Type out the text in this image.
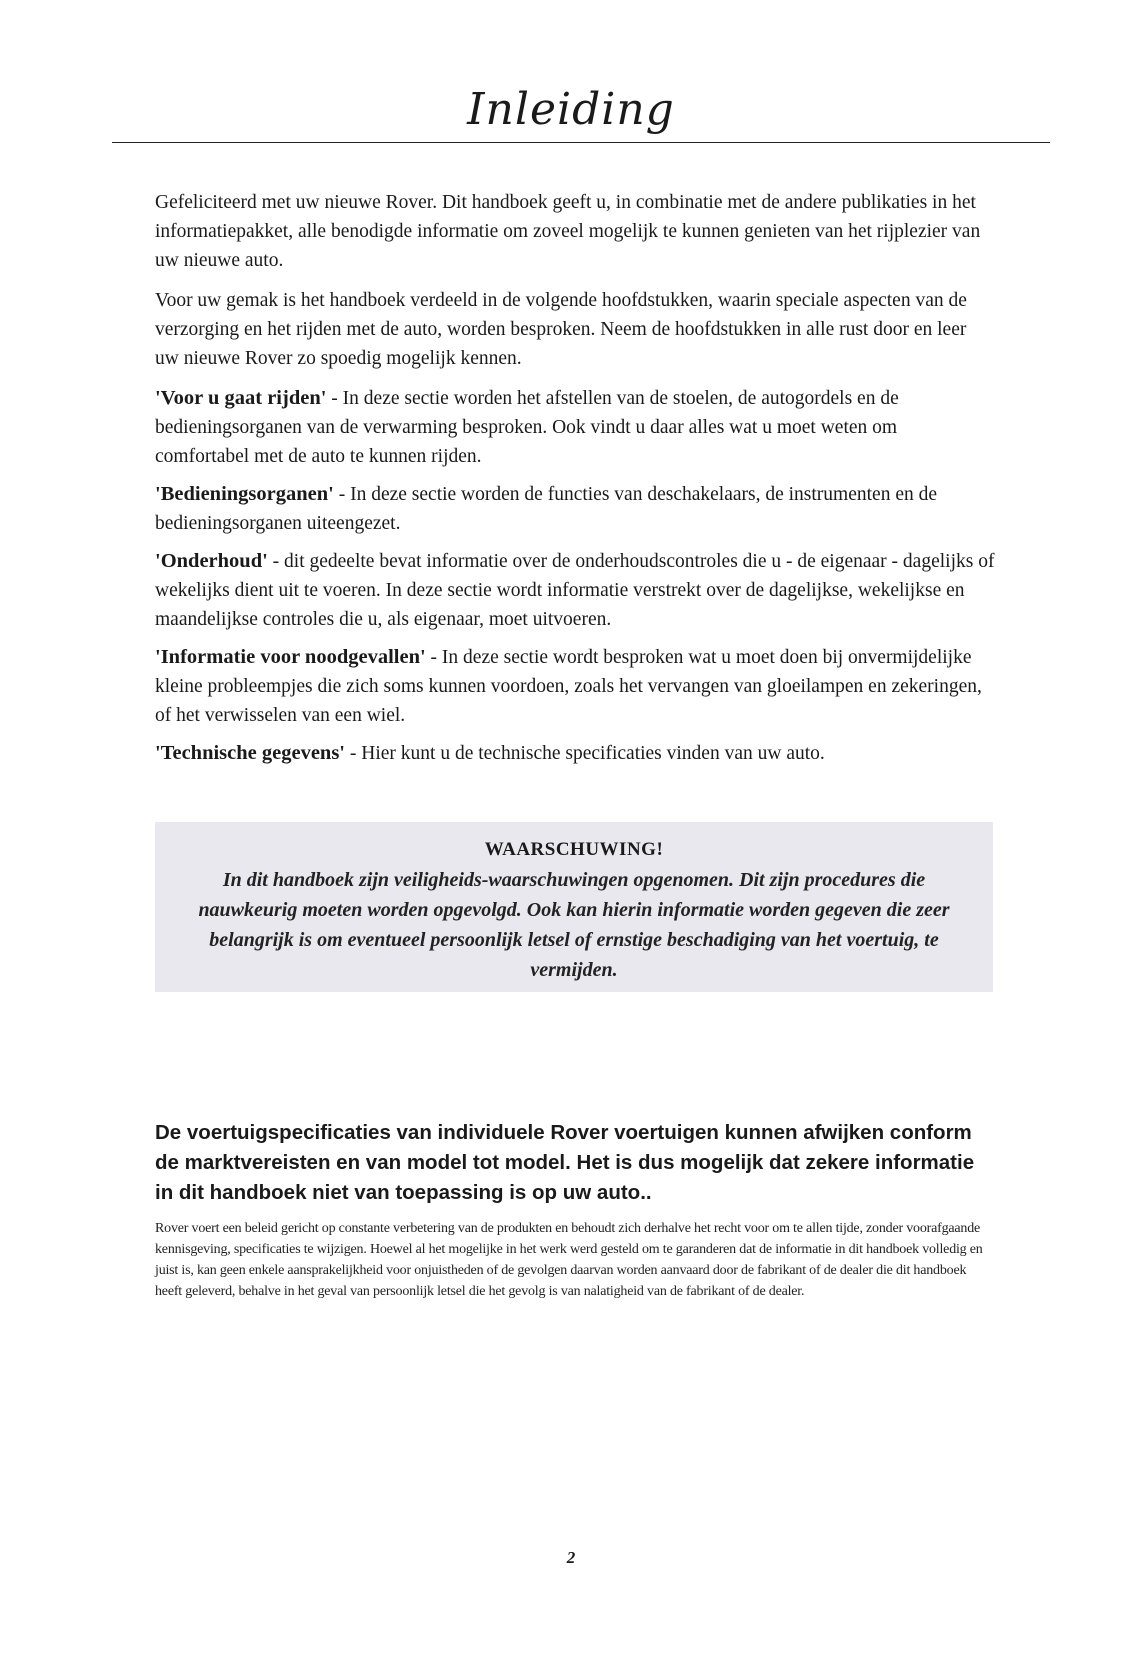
Inleiding

Gefeliciteerd met uw nieuwe Rover. Dit handboek geeft u, in combinatie met de andere publikaties in het informatiepakket, alle benodigde informatie om zoveel mogelijk te kunnen genieten van het rijplezier van uw nieuwe auto.

Voor uw gemak is het handboek verdeeld in de volgende hoofdstukken, waarin speciale aspecten van de verzorging en het rijden met de auto, worden besproken. Neem de hoofdstukken in alle rust door en leer uw nieuwe Rover zo spoedig mogelijk kennen.

'Voor u gaat rijden' - In deze sectie worden het afstellen van de stoelen, de autogordels en de bedieningsorganen van de verwarming besproken. Ook vindt u daar alles wat u moet weten om comfortabel met de auto te kunnen rijden.

'Bedieningsorganen' - In deze sectie worden de functies van deschakelaars, de instrumenten en de bedieningsorganen uiteengezet.

'Onderhoud' - dit gedeelte bevat informatie over de onderhoudscontroles die u - de eigenaar - dagelijks of wekelijks dient uit te voeren. In deze sectie wordt informatie verstrekt over de dagelijkse, wekelijkse en maandelijkse controles die u, als eigenaar, moet uitvoeren.

'Informatie voor noodgevallen' - In deze sectie wordt besproken wat u moet doen bij onvermijdelijke kleine probleempjes die zich soms kunnen voordoen, zoals het vervangen van gloeilampen en zekeringen, of het verwisselen van een wiel.

'Technische gegevens' - Hier kunt u de technische specificaties vinden van uw auto.

WAARSCHUWING!

In dit handboek zijn veiligheids-waarschuwingen opgenomen. Dit zijn procedures die nauwkeurig moeten worden opgevolgd. Ook kan hierin informatie worden gegeven die zeer belangrijk is om eventueel persoonlijk letsel of ernstige beschadiging van het voertuig, te vermijden.

De voertuigspecificaties van individuele Rover voertuigen kunnen afwijken conform de marktvereisten en van model tot model. Het is dus mogelijk dat zekere informatie in dit handboek niet van toepassing is op uw auto..

Rover voert een beleid gericht op constante verbetering van de produkten en behoudt zich derhalve het recht voor om te allen tijde, zonder voorafgaande kennisgeving, specificaties te wijzigen. Hoewel al het mogelijke in het werk werd gesteld om te garanderen dat de informatie in dit handboek volledig en juist is, kan geen enkele aansprakelijkheid voor onjuistheden of de gevolgen daarvan worden aanvaard door de fabrikant of de dealer die dit handboek heeft geleverd, behalve in het geval van persoonlijk letsel die het gevolg is van nalatigheid van de fabrikant of de dealer.

2
